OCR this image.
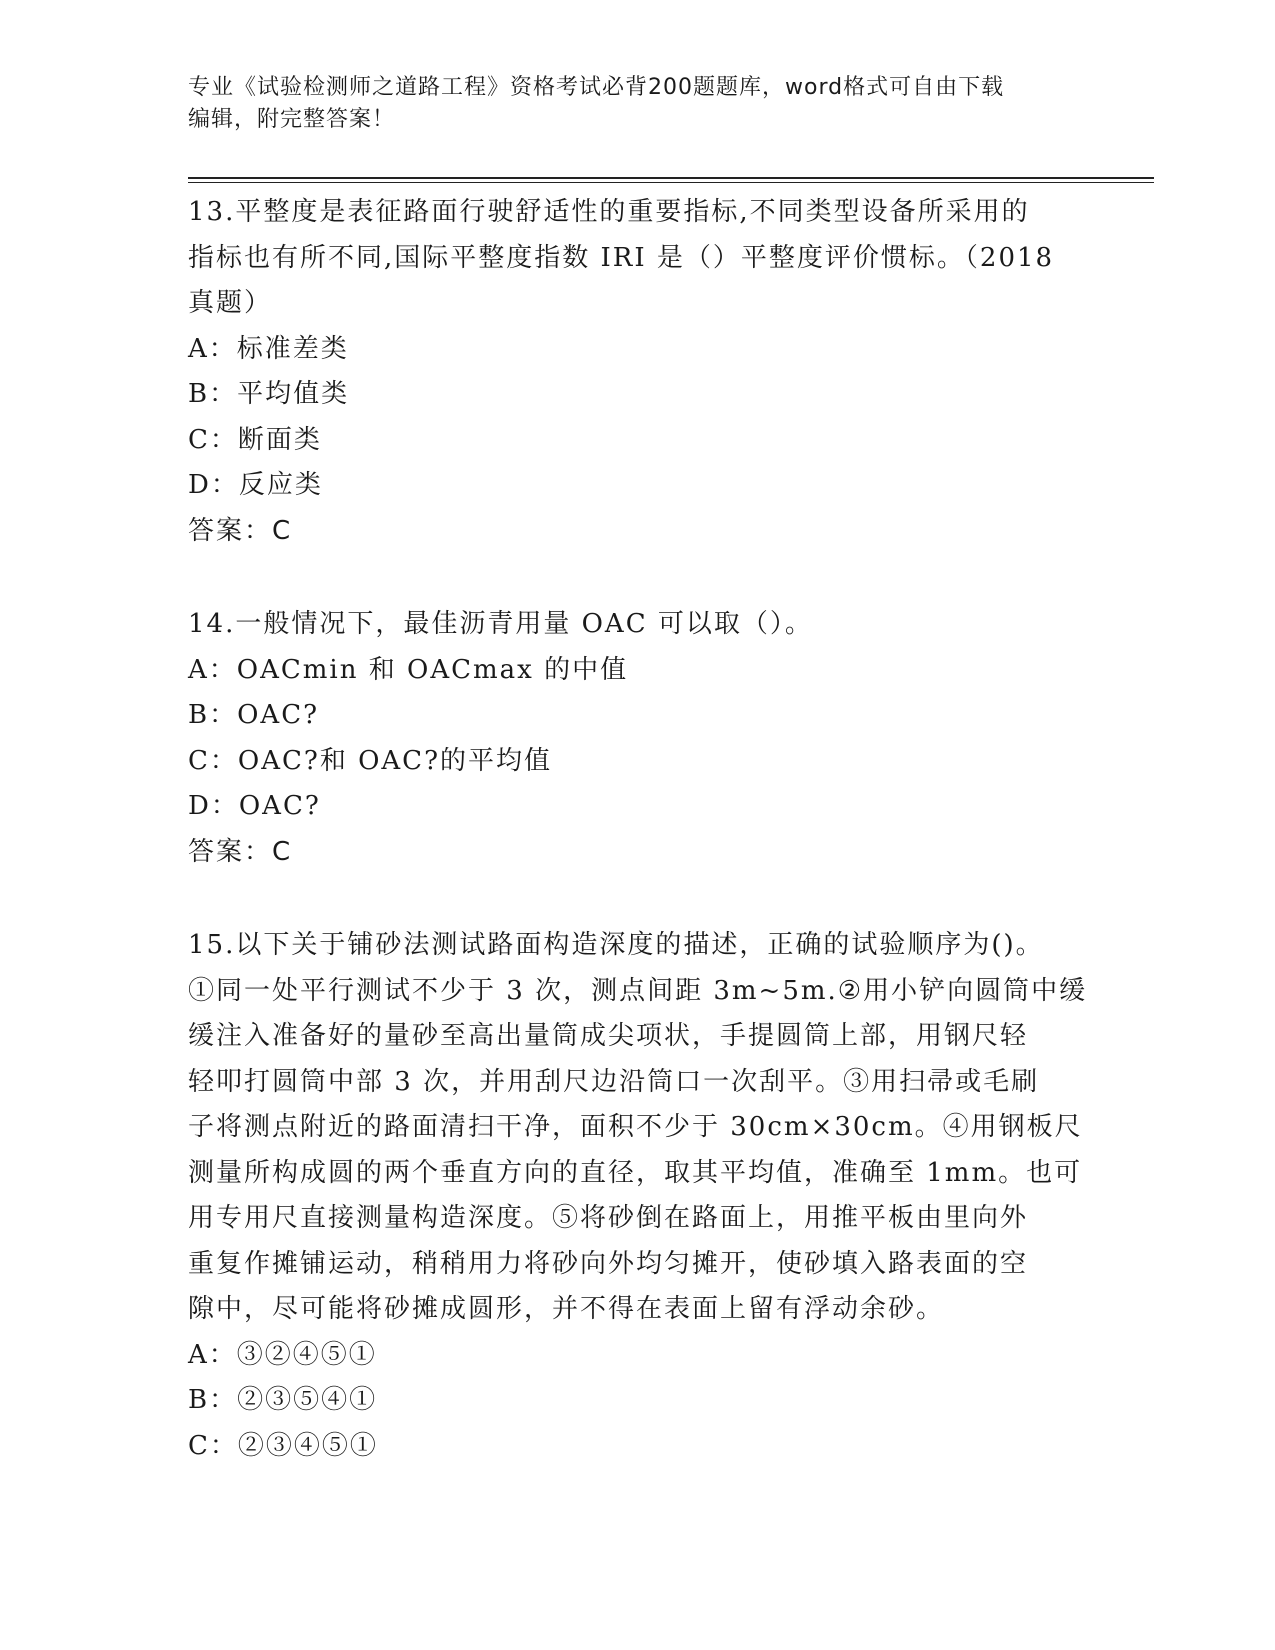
专业《试验检测师之道路工程》资格考试必背200题题库，word格式可自由下载
编辑，附完整答案！
13.平整度是表征路面行驶舒适性的重要指标,不同类型设备所采用的
指标也有所不同,国际平整度指数 IRI 是（）平整度评价惯标。（2018
真题）
A：标准差类
B：平均值类
C：断面类
D：反应类
答案：C
14.一般情况下，最佳沥青用量 OAC 可以取（）。
A：OACmin 和 OACmax 的中值
B：OAC?
C：OAC?和 OAC?的平均值
D：OAC?
答案：C
15.以下关于铺砂法测试路面构造深度的描述，正确的试验顺序为()。
①同一处平行测试不少于 3 次，测点间距 3m~5m.②用小铲向圆筒中缓
缓注入准备好的量砂至高出量筒成尖项状，手提圆筒上部，用钢尺轻
轻叩打圆筒中部 3 次，并用刮尺边沿筒口一次刮平。③用扫帚或毛刷
子将测点附近的路面清扫干净，面积不少于 30cm×30cm。④用钢板尺
测量所构成圆的两个垂直方向的直径，取其平均值，准确至 1mm。也可
用专用尺直接测量构造深度。⑤将砂倒在路面上，用推平板由里向外
重复作摊铺运动，稍稍用力将砂向外均匀摊开，使砂填入路表面的空
隙中，尽可能将砂摊成圆形，并不得在表面上留有浮动余砂。
A：③②④⑤①
B：②③⑤④①
C：②③④⑤①
